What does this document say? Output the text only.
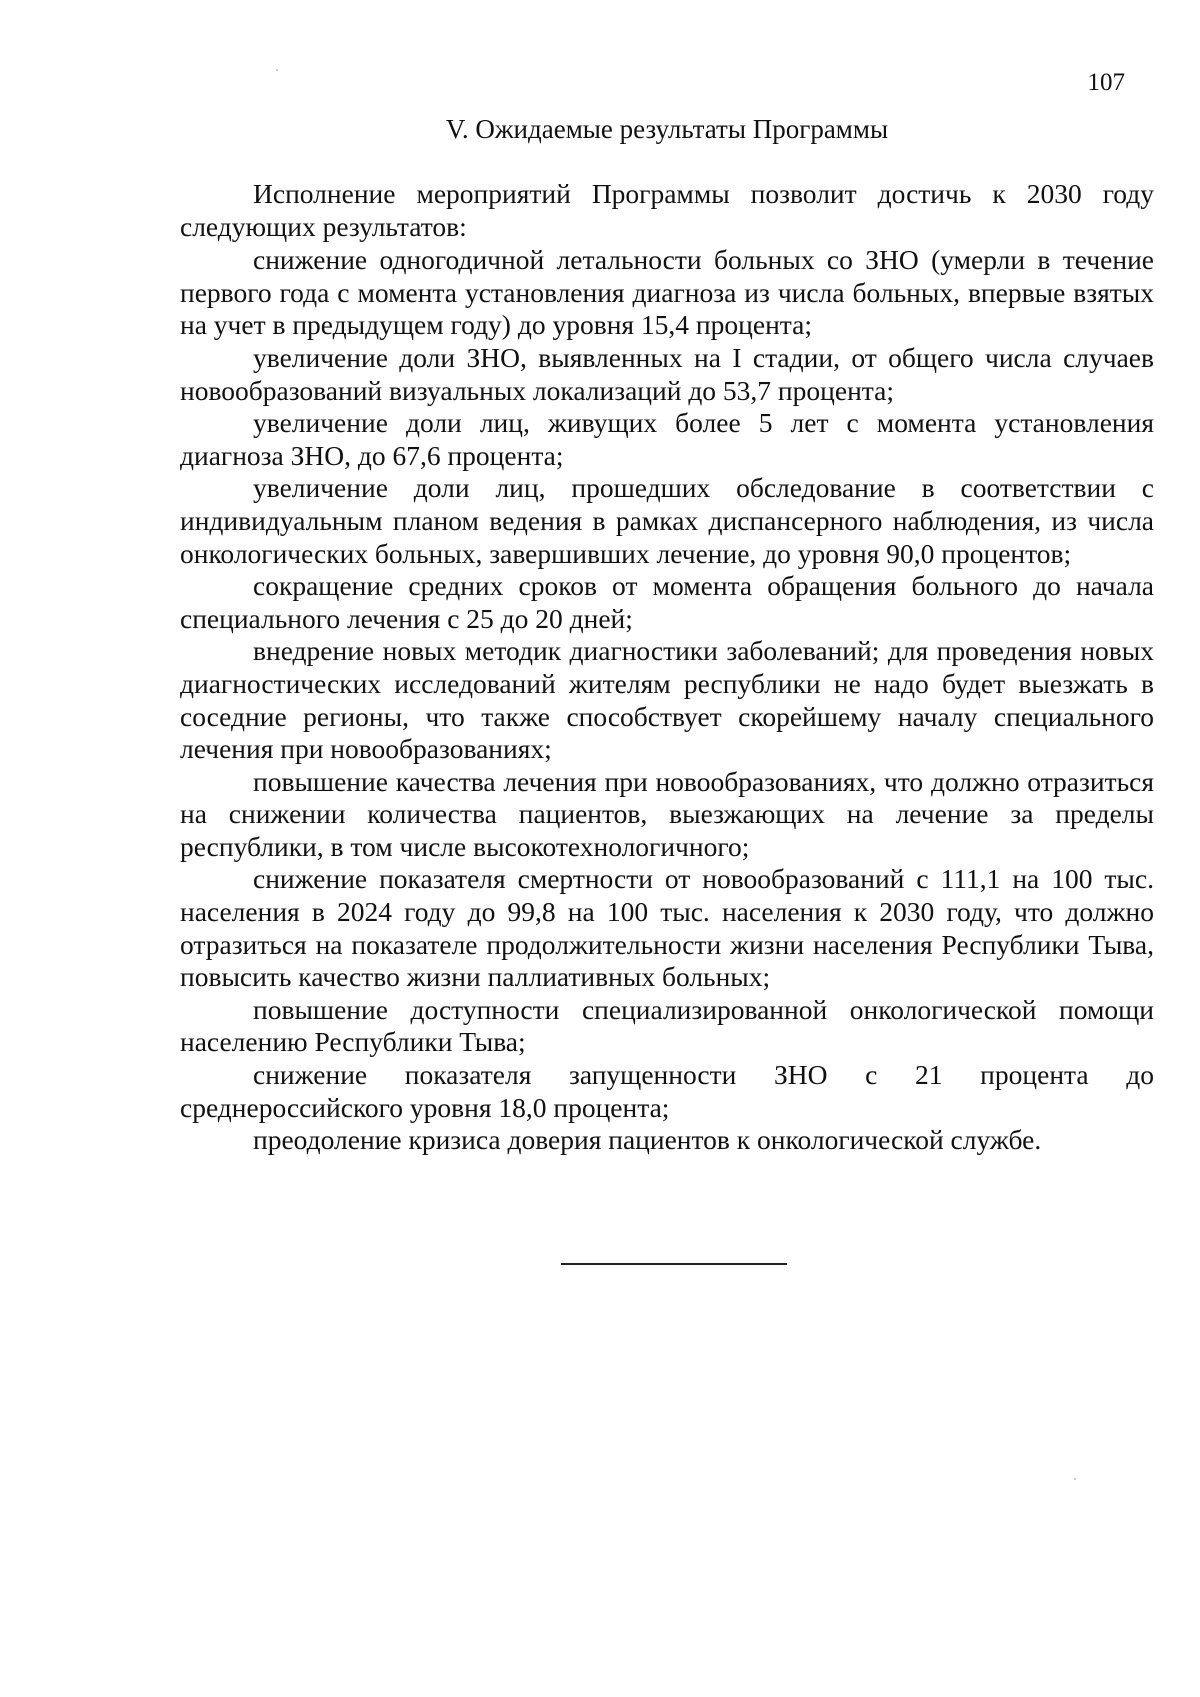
107
V. Ожидаемые результаты Программы

Исполнение мероприятий Программы позволит достичь к 2030 году следующих результатов:

снижение одногодичной летальности больных со ЗНО (умерли в течение первого года с момента установления диагноза из числа больных, впервые взятых на учет в предыдущем году) до уровня 15,4 процента;

увеличение доли ЗНО, выявленных на I стадии, от общего числа случаев новообразований визуальных локализаций до 53,7 процента;

увеличение доли лиц, живущих более 5 лет с момента установления диагноза ЗНО, до 67,6 процента;

увеличение доли лиц, прошедших обследование в соответствии с индивидуальным планом ведения в рамках диспансерного наблюдения, из числа онкологических больных, завершивших лечение, до уровня 90,0 процентов;

сокращение средних сроков от момента обращения больного до начала специального лечения с 25 до 20 дней;

внедрение новых методик диагностики заболеваний; для проведения новых диагностических исследований жителям республики не надо будет выезжать в соседние регионы, что также способствует скорейшему началу специального лечения при новообразованиях;

повышение качества лечения при новообразованиях, что должно отразиться на снижении количества пациентов, выезжающих на лечение за пределы республики, в том числе высокотехнологичного;

снижение показателя смертности от новообразований с 111,1 на 100 тыс. населения в 2024 году до 99,8 на 100 тыс. населения к 2030 году, что должно отразиться на показателе продолжительности жизни населения Республики Тыва, повысить качество жизни паллиативных больных;

повышение доступности специализированной онкологической помощи населению Республики Тыва;

снижение показателя запущенности ЗНО с 21 процента до среднероссийского уровня 18,0 процента;

преодоление кризиса доверия пациентов к онкологической службе.
